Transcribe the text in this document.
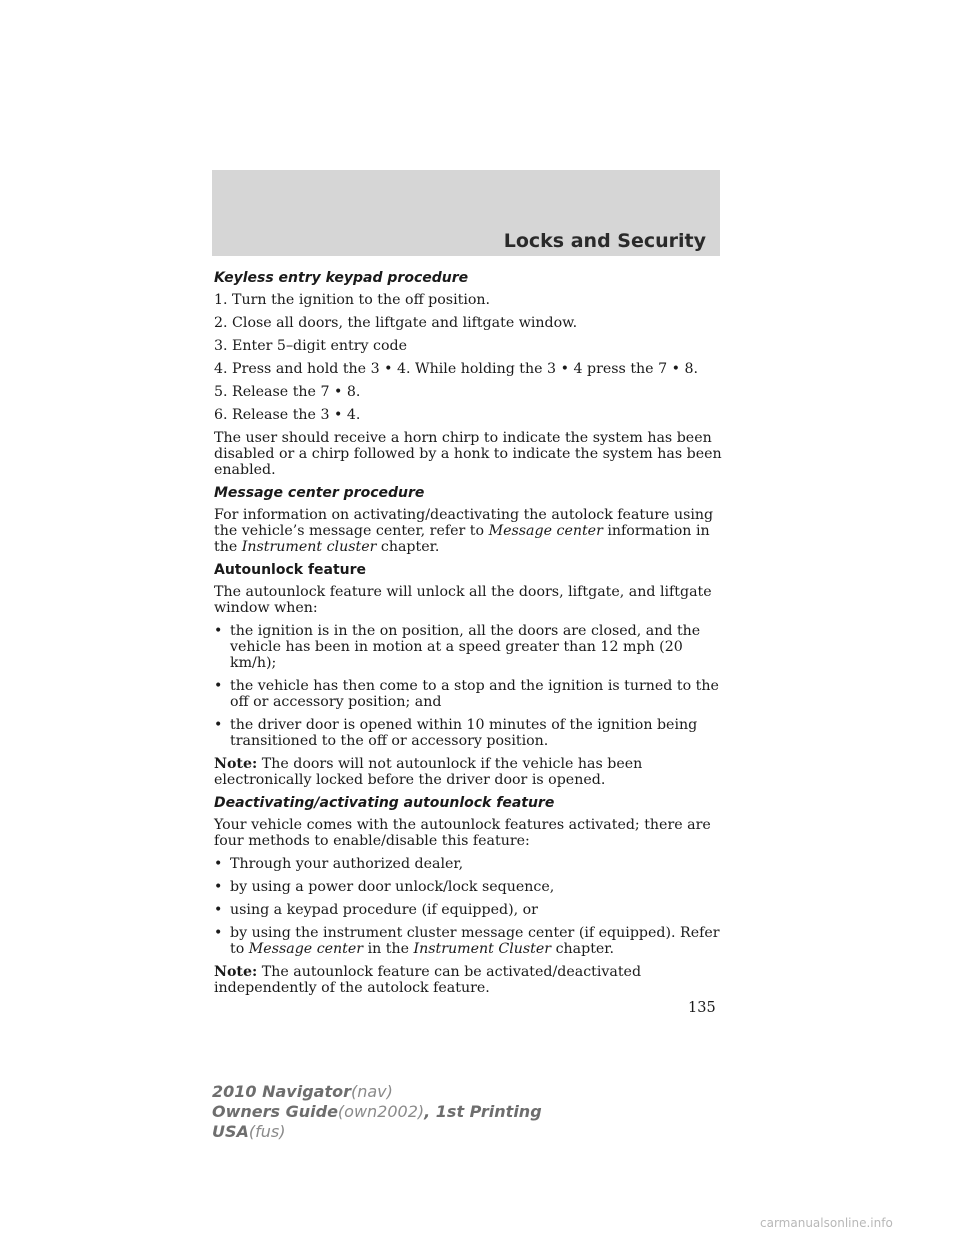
Locks and Security
Keyless entry keypad procedure
1. Turn the ignition to the off position.
2. Close all doors, the liftgate and liftgate window.
3. Enter 5–digit entry code
4. Press and hold the 3 • 4. While holding the 3 • 4 press the 7 • 8.
5. Release the 7 • 8.
6. Release the 3 • 4.
The user should receive a horn chirp to indicate the system has been disabled or a chirp followed by a honk to indicate the system has been enabled.
Message center procedure
For information on activating/deactivating the autolock feature using the vehicle’s message center, refer to Message center information in the Instrument cluster chapter.
Autounlock feature
The autounlock feature will unlock all the doors, liftgate, and liftgate window when:
• the ignition is in the on position, all the doors are closed, and the vehicle has been in motion at a speed greater than 12 mph (20 km/h);
• the vehicle has then come to a stop and the ignition is turned to the off or accessory position; and
• the driver door is opened within 10 minutes of the ignition being transitioned to the off or accessory position.
Note: The doors will not autounlock if the vehicle has been electronically locked before the driver door is opened.
Deactivating/activating autounlock feature
Your vehicle comes with the autounlock features activated; there are four methods to enable/disable this feature:
• Through your authorized dealer,
• by using a power door unlock/lock sequence,
• using a keypad procedure (if equipped), or
• by using the instrument cluster message center (if equipped). Refer to Message center in the Instrument Cluster chapter.
Note: The autounlock feature can be activated/deactivated independently of the autolock feature.
135
2010 Navigator(nav)
Owners Guide(own2002), 1st Printing
USA(fus)
carmanualsonline.info
